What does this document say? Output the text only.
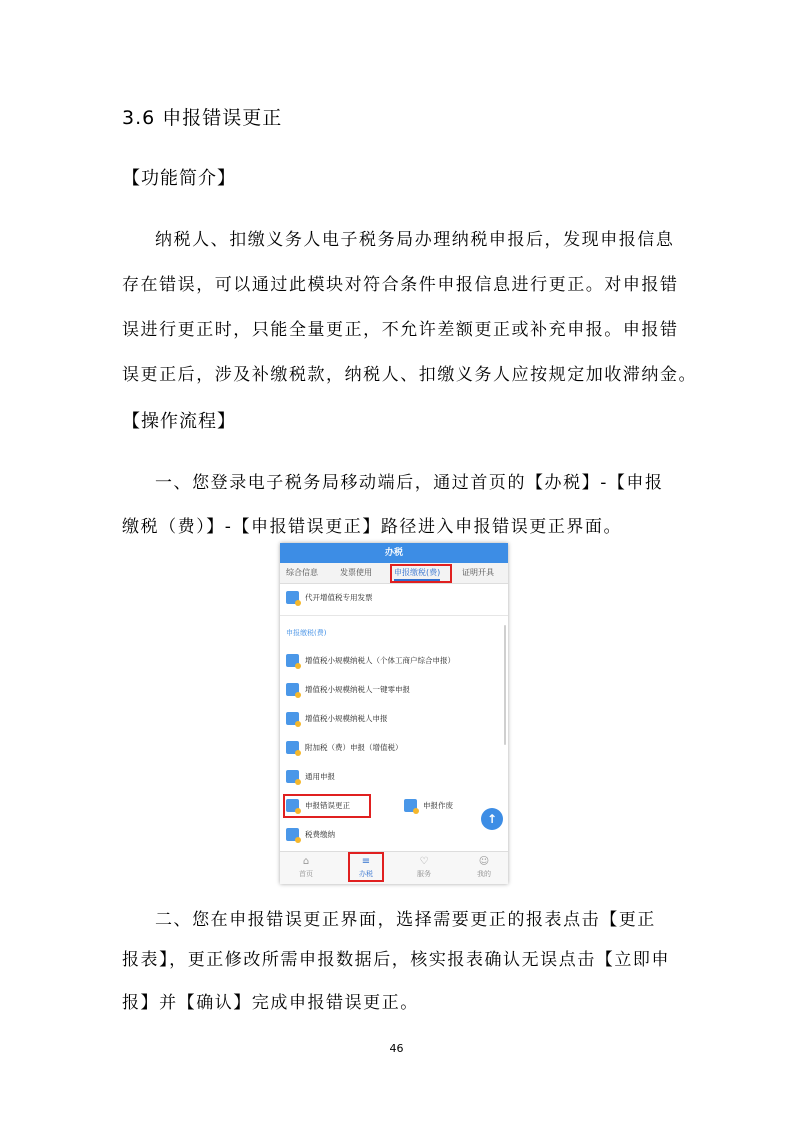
3.6 申报错误更正
【功能简介】
纳税人、扣缴义务人电子税务局办理纳税申报后，发现申报信息
存在错误，可以通过此模块对符合条件申报信息进行更正。对申报错
误进行更正时，只能全量更正，不允许差额更正或补充申报。申报错
误更正后，涉及补缴税款，纳税人、扣缴义务人应按规定加收滞纳金。
【操作流程】
一、您登录电子税务局移动端后，通过首页的【办税】-【申报
缴税（费）】-【申报错误更正】路径进入申报错误更正界面。
办税
综合信息	发票使用	申报缴税(费)	证明开具
代开增值税专用发票
申报缴税(费)
增值税小规模纳税人（个体工商户综合申报）
增值税小规模纳税人一键零申报
增值税小规模纳税人申报
附加税（费）申报（增值税）
通用申报
申报错误更正	申报作废
↑
税费缴纳
⌂
首页
≡
办税
♡
服务
☺
我的
二、您在申报错误更正界面，选择需要更正的报表点击【更正
报表】，更正修改所需申报数据后，核实报表确认无误点击【立即申
报】并【确认】完成申报错误更正。
46
